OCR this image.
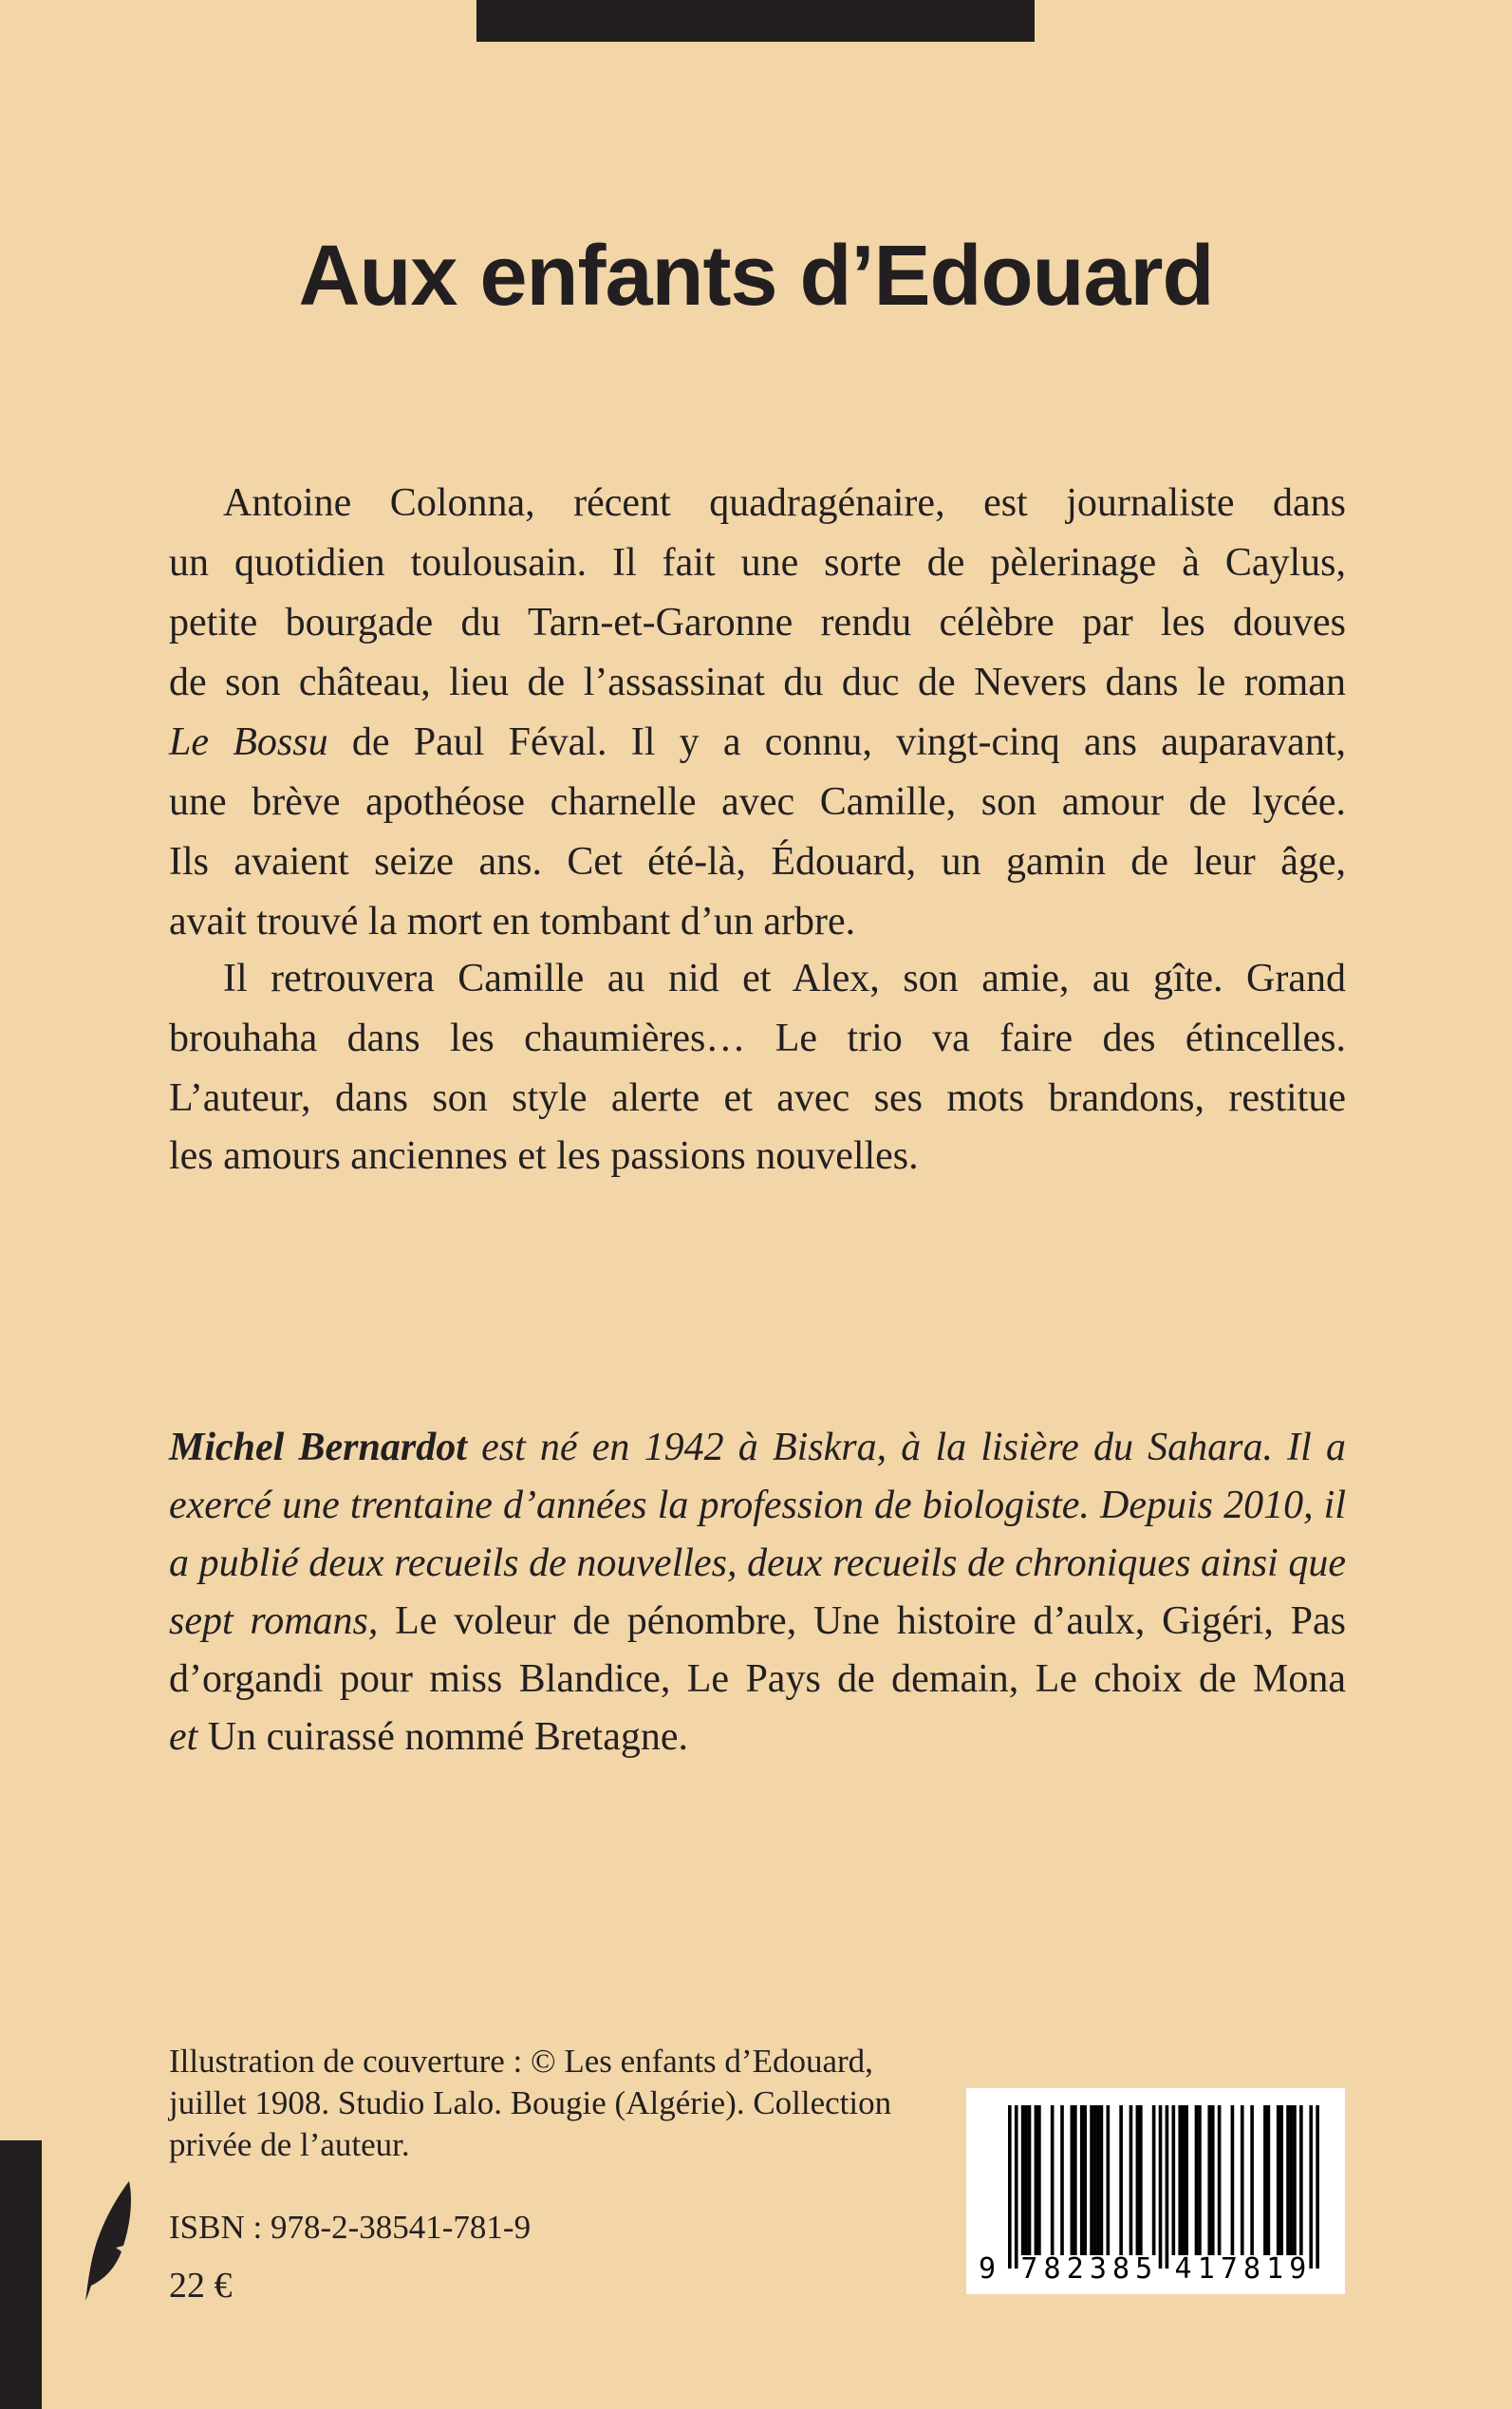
Aux enfants d’Edouard
Antoine Colonna, récent quadragénaire, est journaliste dans
un quotidien toulousain. Il fait une sorte de pèlerinage à Caylus,
petite bourgade du Tarn-et-Garonne rendu célèbre par les douves
de son château, lieu de l’assassinat du duc de Nevers dans le roman
Le Bossu de Paul Féval. Il y a connu, vingt-cinq ans auparavant,
une brève apothéose charnelle avec Camille, son amour de lycée.
Ils avaient seize ans. Cet été-là, Édouard, un gamin de leur âge,
avait trouvé la mort en tombant d’un arbre.
Il retrouvera Camille au nid et Alex, son amie, au gîte. Grand
brouhaha dans les chaumières… Le trio va faire des étincelles.
L’auteur, dans son style alerte et avec ses mots brandons, restitue
les amours anciennes et les passions nouvelles.
Michel Bernardot est né en 1942 à Biskra, à la lisière du Sahara. Il a
exercé une trentaine d’années la profession de biologiste. Depuis 2010, il
a publié deux recueils de nouvelles, deux recueils de chroniques ainsi que
sept romans, Le voleur de pénombre, Une histoire d’aulx, Gigéri, Pas
d’organdi pour miss Blandice, Le Pays de demain, Le choix de Mona
et Un cuirassé nommé Bretagne.
Illustration de couverture : © Les enfants d’Edouard,
juillet 1908. Studio Lalo. Bougie (Algérie). Collection
privée de l’auteur.
ISBN : 978-2-38541-781-9
22 €	9 7 8 2 3 8 5 4 1 7 8 1 9
